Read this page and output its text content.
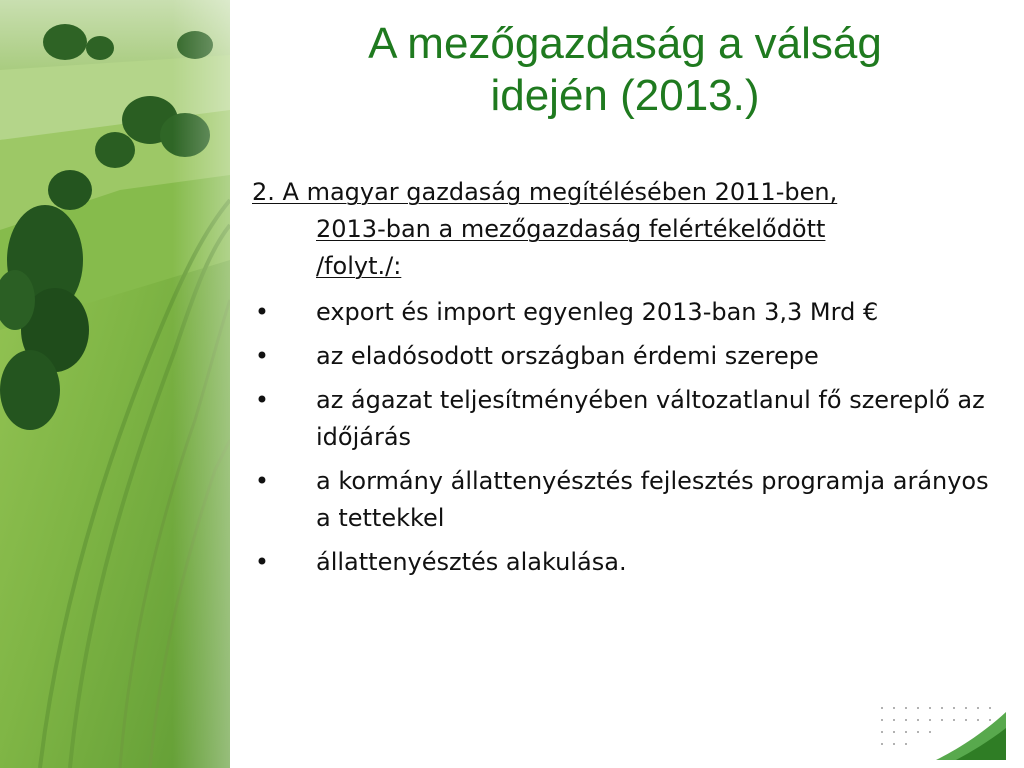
A mezőgazdaság a válság
idején (2013.)
2. A magyar gazdaság megítélésében 2011-ben,
2013-ban a mezőgazdaság felértékelődött
/folyt./:
• export és import egyenleg 2013-ban 3,3 Mrd €
• az eladósodott országban érdemi szerepe
• az ágazat teljesítményében változatlanul fő szereplő az időjárás
• a kormány állattenyésztés fejlesztés programja arányos a tettekkel
• állattenyésztés alakulása.
